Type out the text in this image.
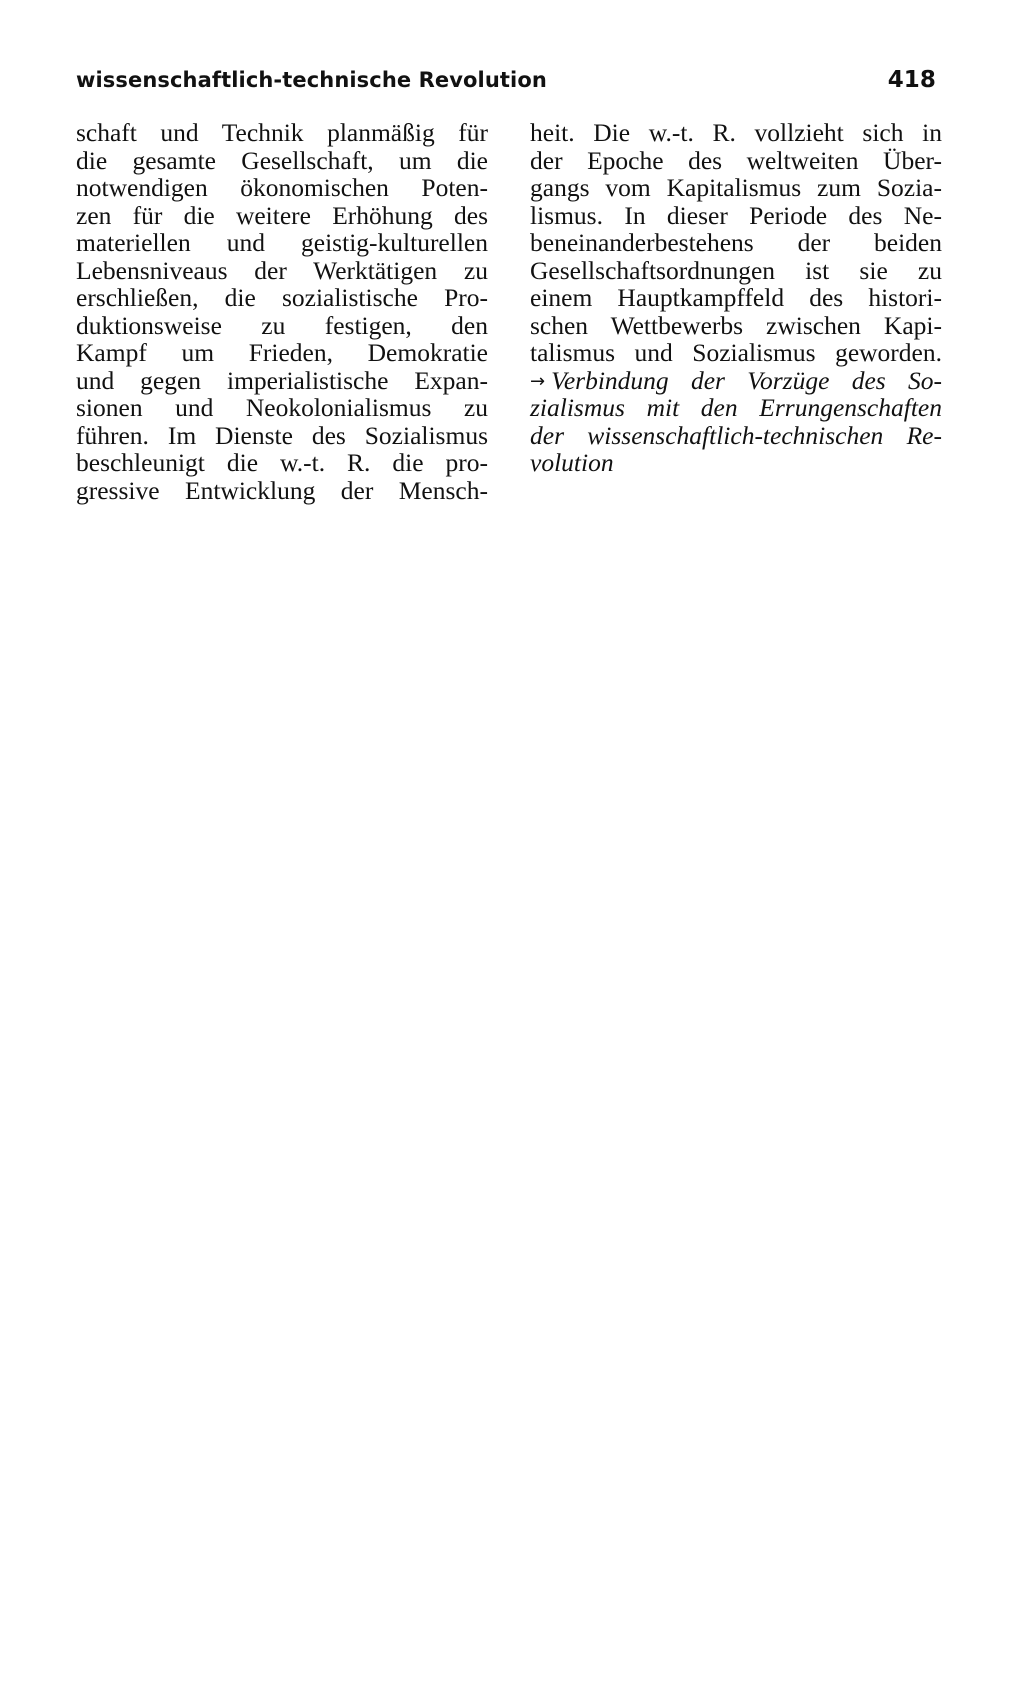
wissenschaftlich-technische Revolution	418
schaft und Technik planmäßig für
die gesamte Gesellschaft, um die
notwendigen ökonomischen Poten-
zen für die weitere Erhöhung des
materiellen und geistig-kulturellen
Lebensniveaus der Werktätigen zu
erschließen, die sozialistische Pro-
duktionsweise zu festigen, den
Kampf um Frieden, Demokratie
und gegen imperialistische Expan-
sionen und Neokolonialismus zu
führen. Im Dienste des Sozialismus
beschleunigt die w.-t. R. die pro-
gressive Entwicklung der Mensch-
heit. Die w.-t. R. vollzieht sich in
der Epoche des weltweiten Über-
gangs vom Kapitalismus zum Sozia-
lismus. In dieser Periode des Ne-
beneinanderbestehens der beiden
Gesellschaftsordnungen ist sie zu
einem Hauptkampffeld des histori-
schen Wettbewerbs zwischen Kapi-
talismus und Sozialismus geworden.
→ Verbindung der Vorzüge des So-
zialismus mit den Errungenschaften
der wissenschaftlich-technischen Re-
volution
